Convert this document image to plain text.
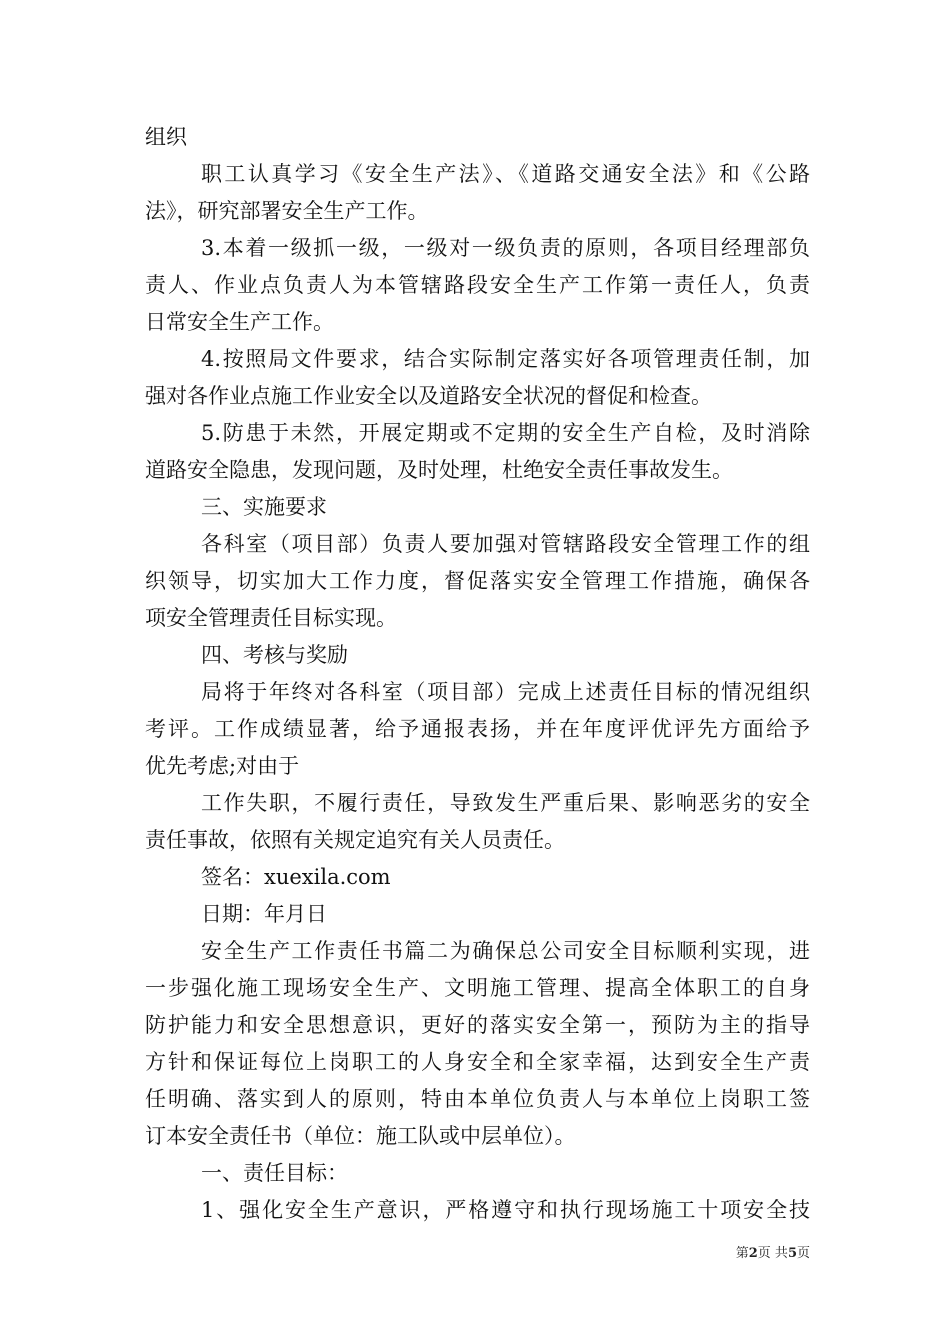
组织
职工认真学习《安全生产法》、《道路交通安全法》和《公路
法》，研究部署安全生产工作。
3.本着一级抓一级，一级对一级负责的原则，各项目经理部负
责人、作业点负责人为本管辖路段安全生产工作第一责任人，负责
日常安全生产工作。
4.按照局文件要求，结合实际制定落实好各项管理责任制，加
强对各作业点施工作业安全以及道路安全状况的督促和检查。
5.防患于未然，开展定期或不定期的安全生产自检，及时消除
道路安全隐患，发现问题，及时处理，杜绝安全责任事故发生。
三、实施要求
各科室（项目部）负责人要加强对管辖路段安全管理工作的组
织领导，切实加大工作力度，督促落实安全管理工作措施，确保各
项安全管理责任目标实现。
四、考核与奖励
局将于年终对各科室（项目部）完成上述责任目标的情况组织
考评。工作成绩显著，给予通报表扬，并在年度评优评先方面给予
优先考虑;对由于
工作失职，不履行责任，导致发生严重后果、影响恶劣的安全
责任事故，依照有关规定追究有关人员责任。
签名：xuexila.com
日期：年月日
安全生产工作责任书篇二为确保总公司安全目标顺利实现，进
一步强化施工现场安全生产、文明施工管理、提高全体职工的自身
防护能力和安全思想意识，更好的落实安全第一，预防为主的指导
方针和保证每位上岗职工的人身安全和全家幸福，达到安全生产责
任明确、落实到人的原则，特由本单位负责人与本单位上岗职工签
订本安全责任书（单位：施工队或中层单位）。
一、责任目标：
1、强化安全生产意识，严格遵守和执行现场施工十项安全技
第2页 共5页
